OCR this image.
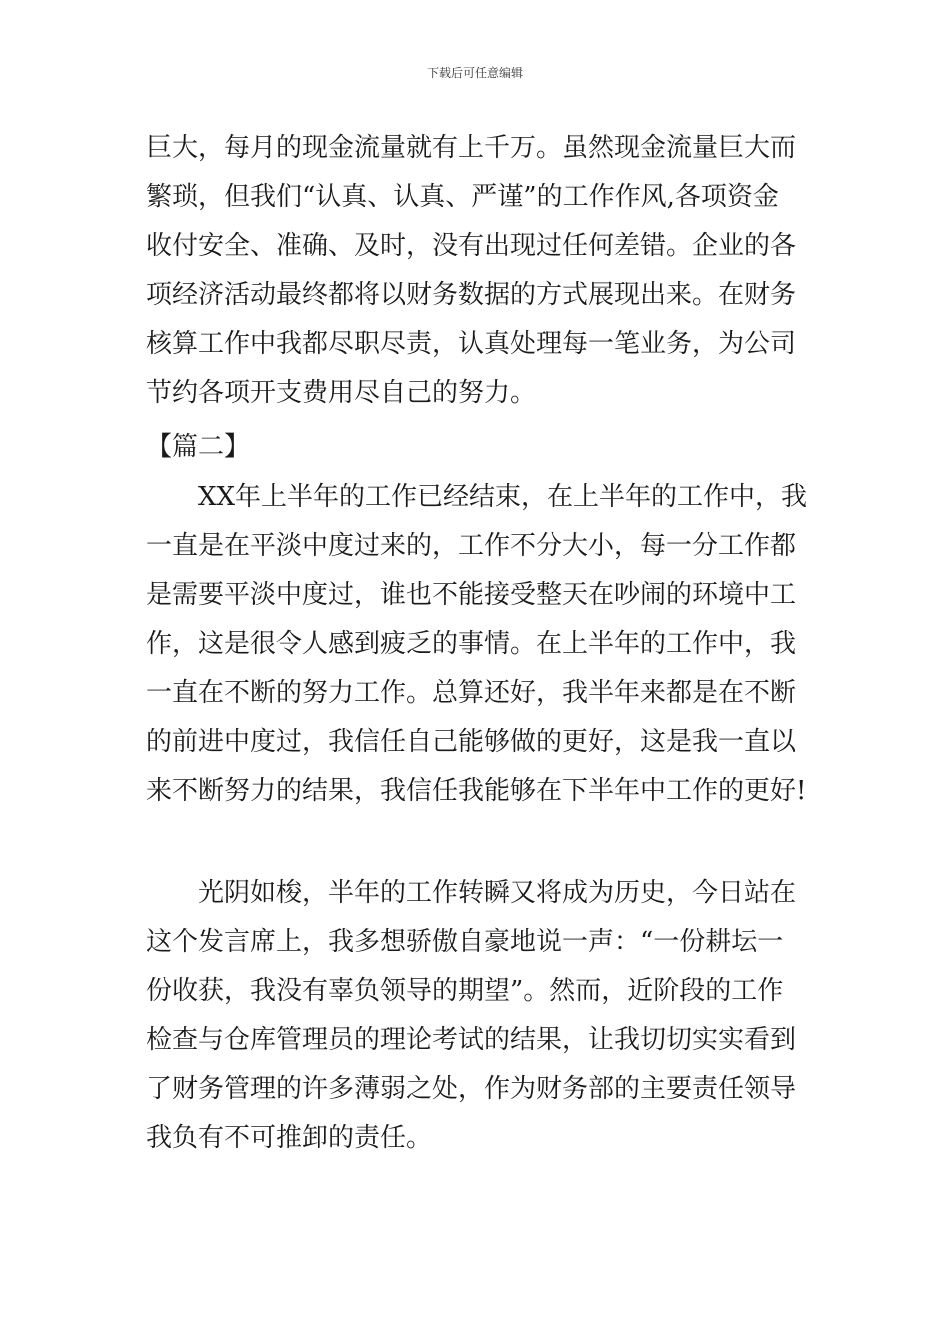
下载后可任意编辑
巨大，每月的现金流量就有上千万。虽然现金流量巨大而
繁琐，但我们“认真、认真、严谨”的工作作风,各项资金
收付安全、准确、及时，没有出现过任何差错。企业的各
项经济活动最终都将以财务数据的方式展现出来。在财务
核算工作中我都尽职尽责，认真处理每一笔业务，为公司
节约各项开支费用尽自己的努力。
【篇二】
　　XX年上半年的工作已经结束，在上半年的工作中，我
一直是在平淡中度过来的，工作不分大小，每一分工作都
是需要平淡中度过，谁也不能接受整天在吵闹的环境中工
作，这是很令人感到疲乏的事情。在上半年的工作中，我
一直在不断的努力工作。总算还好，我半年来都是在不断
的前进中度过，我信任自己能够做的更好，这是我一直以
来不断努力的结果，我信任我能够在下半年中工作的更好!
　　光阴如梭，半年的工作转瞬又将成为历史，今日站在
这个发言席上，我多想骄傲自豪地说一声：“一份耕坛一
份收获，我没有辜负领导的期望”。然而，近阶段的工作
检查与仓库管理员的理论考试的结果，让我切切实实看到
了财务管理的许多薄弱之处，作为财务部的主要责任领导
我负有不可推卸的责任。
